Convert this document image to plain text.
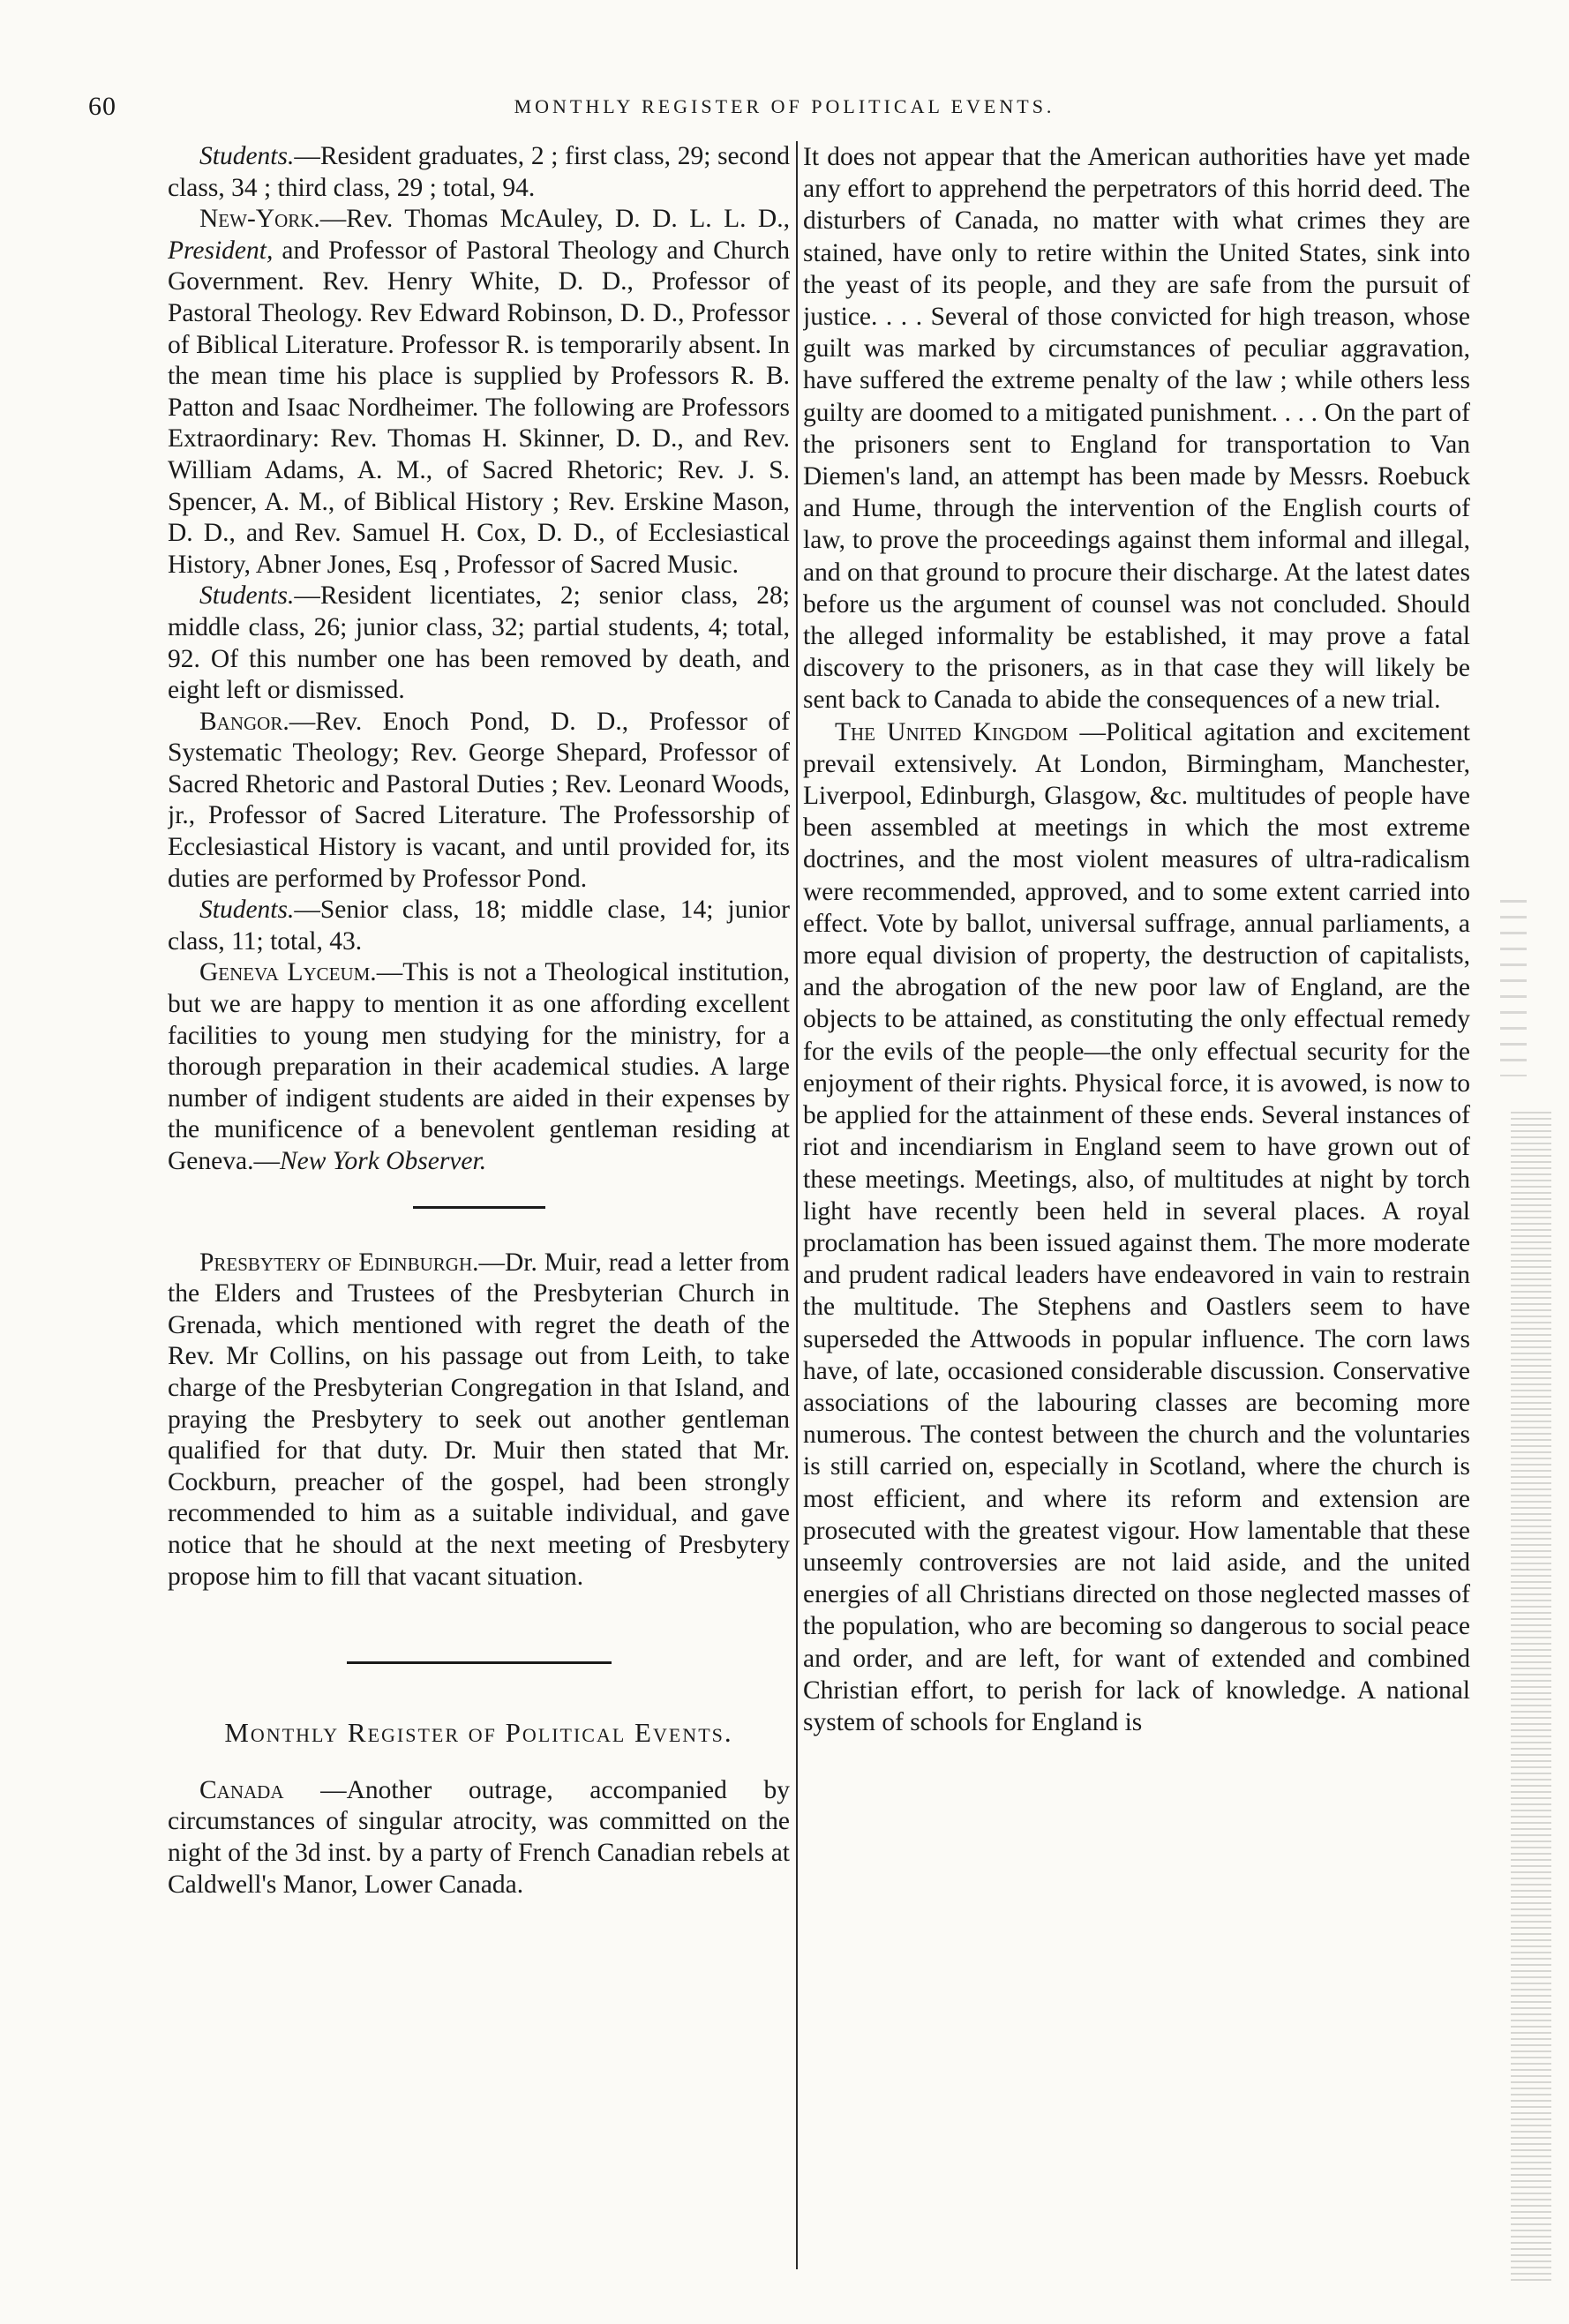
60	MONTHLY REGISTER OF POLITICAL EVENTS.

Students.—Resident graduates, 2 ; first class, 29; second class, 34 ; third class, 29 ; total, 94.

New-York.—Rev. Thomas McAuley, D. D. L. L. D., President, and Professor of Pastoral Theology and Church Government. Rev. Henry White, D. D., Professor of Pastoral Theology. Rev Edward Robinson, D. D., Professor of Biblical Literature. Professor R. is temporarily absent. In the mean time his place is supplied by Professors R. B. Patton and Isaac Nordheimer. The following are Professors Extraordinary: Rev. Thomas H. Skinner, D. D., and Rev. William Adams, A. M., of Sacred Rhetoric; Rev. J. S. Spencer, A. M., of Biblical History ; Rev. Erskine Mason, D. D., and Rev. Samuel H. Cox, D. D., of Ecclesiastical History, Abner Jones, Esq , Professor of Sacred Music.

Students.—Resident licentiates, 2; senior class, 28; middle class, 26; junior class, 32; partial students, 4; total, 92. Of this number one has been removed by death, and eight left or dismissed.

Bangor.—Rev. Enoch Pond, D. D., Professor of Systematic Theology; Rev. George Shepard, Professor of Sacred Rhetoric and Pastoral Duties ; Rev. Leonard Woods, jr., Professor of Sacred Literature. The Professorship of Ecclesiastical History is vacant, and until provided for, its duties are performed by Professor Pond.

Students.—Senior class, 18; middle clase, 14; junior class, 11; total, 43.

Geneva Lyceum.—This is not a Theological institution, but we are happy to mention it as one affording excellent facilities to young men studying for the ministry, for a thorough preparation in their academical studies. A large number of indigent students are aided in their expenses by the munificence of a benevolent gentleman residing at Geneva.—New York Observer.

Presbytery of Edinburgh.—Dr. Muir, read a letter from the Elders and Trustees of the Presbyterian Church in Grenada, which mentioned with regret the death of the Rev. Mr Collins, on his passage out from Leith, to take charge of the Presbyterian Congregation in that Island, and praying the Presbytery to seek out another gentleman qualified for that duty. Dr. Muir then stated that Mr. Cockburn, preacher of the gospel, had been strongly recommended to him as a suitable individual, and gave notice that he should at the next meeting of Presbytery propose him to fill that vacant situation.

Monthly Register of Political Events.

Canada —Another outrage, accompanied by circumstances of singular atrocity, was committed on the night of the 3d inst. by a party of French Canadian rebels at Caldwell's Manor, Lower Canada.

It does not appear that the American authorities have yet made any effort to apprehend the perpetrators of this horrid deed. The disturbers of Canada, no matter with what crimes they are stained, have only to retire within the United States, sink into the yeast of its people, and they are safe from the pursuit of justice. . . . Several of those convicted for high treason, whose guilt was marked by circumstances of peculiar aggravation, have suffered the extreme penalty of the law ; while others less guilty are doomed to a mitigated punishment. . . . On the part of the prisoners sent to England for transportation to Van Diemen's land, an attempt has been made by Messrs. Roebuck and Hume, through the intervention of the English courts of law, to prove the proceedings against them informal and illegal, and on that ground to procure their discharge. At the latest dates before us the argument of counsel was not concluded. Should the alleged informality be established, it may prove a fatal discovery to the prisoners, as in that case they will likely be sent back to Canada to abide the consequences of a new trial.

The United Kingdom —Political agitation and excitement prevail extensively. At London, Birmingham, Manchester, Liverpool, Edinburgh, Glasgow, &c. multitudes of people have been assembled at meetings in which the most extreme doctrines, and the most violent measures of ultra-radicalism were recommended, approved, and to some extent carried into effect. Vote by ballot, universal suffrage, annual parliaments, a more equal division of property, the destruction of capitalists, and the abrogation of the new poor law of England, are the objects to be attained, as constituting the only effectual remedy for the evils of the people—the only effectual security for the enjoyment of their rights. Physical force, it is avowed, is now to be applied for the attainment of these ends. Several instances of riot and incendiarism in England seem to have grown out of these meetings. Meetings, also, of multitudes at night by torch light have recently been held in several places. A royal proclamation has been issued against them. The more moderate and prudent radical leaders have endeavored in vain to restrain the multitude. The Stephens and Oastlers seem to have superseded the Attwoods in popular influence. The corn laws have, of late, occasioned considerable discussion. Conservative associations of the labouring classes are becoming more numerous. The contest between the church and the voluntaries is still carried on, especially in Scotland, where the church is most efficient, and where its reform and extension are prosecuted with the greatest vigour. How lamentable that these unseemly controversies are not laid aside, and the united energies of all Christians directed on those neglected masses of the population, who are becoming so dangerous to social peace and order, and are left, for want of extended and combined Christian effort, to perish for lack of knowledge. A national system of schools for England is
